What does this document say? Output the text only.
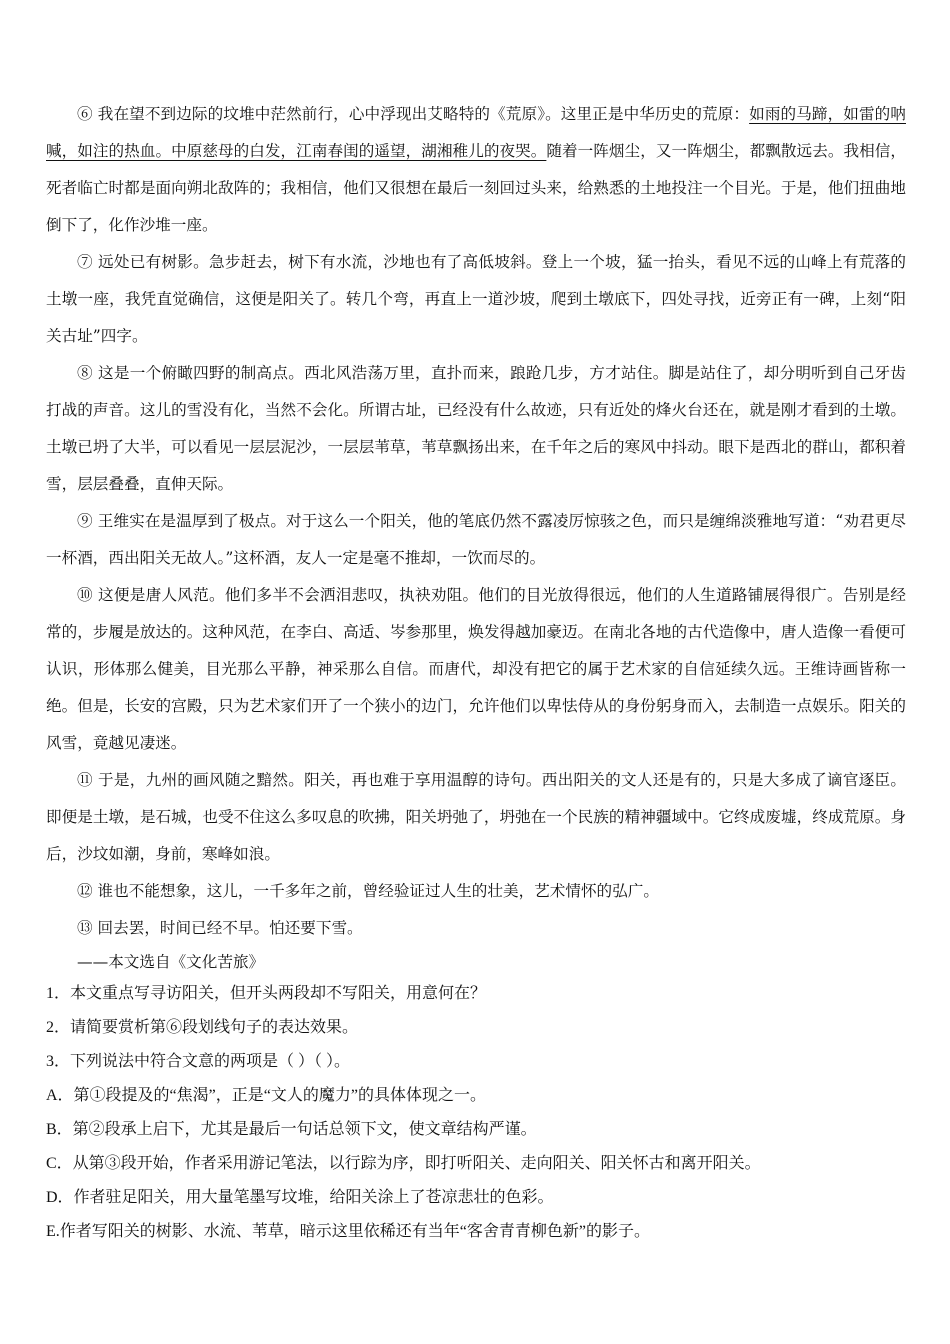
⑥ 我在望不到边际的坟堆中茫然前行，心中浮现出艾略特的《荒原》。这里正是中华历史的荒原：如雨的马蹄，如雷的呐喊，如注的热血。中原慈母的白发，江南春闺的遥望，湖湘稚儿的夜哭。随着一阵烟尘，又一阵烟尘，都飘散远去。我相信，死者临亡时都是面向朔北敌阵的；我相信，他们又很想在最后一刻回过头来，给熟悉的土地投注一个目光。于是，他们扭曲地倒下了，化作沙堆一座。

⑦ 远处已有树影。急步赶去，树下有水流，沙地也有了高低坡斜。登上一个坡，猛一抬头，看见不远的山峰上有荒落的土墩一座，我凭直觉确信，这便是阳关了。转几个弯，再直上一道沙坡，爬到土墩底下，四处寻找，近旁正有一碑，上刻“阳关古址”四字。

⑧ 这是一个俯瞰四野的制高点。西北风浩荡万里，直扑而来，踉跄几步，方才站住。脚是站住了，却分明听到自己牙齿打战的声音。这儿的雪没有化，当然不会化。所谓古址，已经没有什么故迹，只有近处的烽火台还在，就是刚才看到的土墩。土墩已坍了大半，可以看见一层层泥沙，一层层苇草，苇草飘扬出来，在千年之后的寒风中抖动。眼下是西北的群山，都积着雪，层层叠叠，直伸天际。

⑨ 王维实在是温厚到了极点。对于这么一个阳关，他的笔底仍然不露凌厉惊骇之色，而只是缠绵淡雅地写道：“劝君更尽一杯酒，西出阳关无故人。”这杯酒，友人一定是毫不推却，一饮而尽的。

⑩ 这便是唐人风范。他们多半不会洒泪悲叹，执袂劝阻。他们的目光放得很远，他们的人生道路铺展得很广。告别是经常的，步履是放达的。这种风范，在李白、高适、岑参那里，焕发得越加豪迈。在南北各地的古代造像中，唐人造像一看便可认识，形体那么健美，目光那么平静，神采那么自信。而唐代，却没有把它的属于艺术家的自信延续久远。王维诗画皆称一绝。但是，长安的宫殿，只为艺术家们开了一个狭小的边门，允许他们以卑怯侍从的身份躬身而入，去制造一点娱乐。阳关的风雪，竟越见凄迷。

⑪ 于是，九州的画风随之黯然。阳关，再也难于享用温醇的诗句。西出阳关的文人还是有的，只是大多成了谪官逐臣。即便是土墩，是石城，也受不住这么多叹息的吹拂，阳关坍弛了，坍弛在一个民族的精神疆域中。它终成废墟，终成荒原。身后，沙坟如潮，身前，寒峰如浪。

⑫ 谁也不能想象，这儿，一千多年之前，曾经验证过人生的壮美，艺术情怀的弘广。

⑬ 回去罢，时间已经不早。怕还要下雪。

——本文选自《文化苦旅》

1．本文重点写寻访阳关，但开头两段却不写阳关，用意何在？

2．请简要赏析第⑥段划线句子的表达效果。

3．下列说法中符合文意的两项是（ ）（ ）。

A．第①段提及的“焦渴”，正是“文人的魔力”的具体体现之一。

B．第②段承上启下，尤其是最后一句话总领下文，使文章结构严谨。

C．从第③段开始，作者采用游记笔法，以行踪为序，即打听阳关、走向阳关、阳关怀古和离开阳关。

D．作者驻足阳关，用大量笔墨写坟堆，给阳关涂上了苍凉悲壮的色彩。

E.作者写阳关的树影、水流、苇草，暗示这里依稀还有当年“客舍青青柳色新”的影子。
